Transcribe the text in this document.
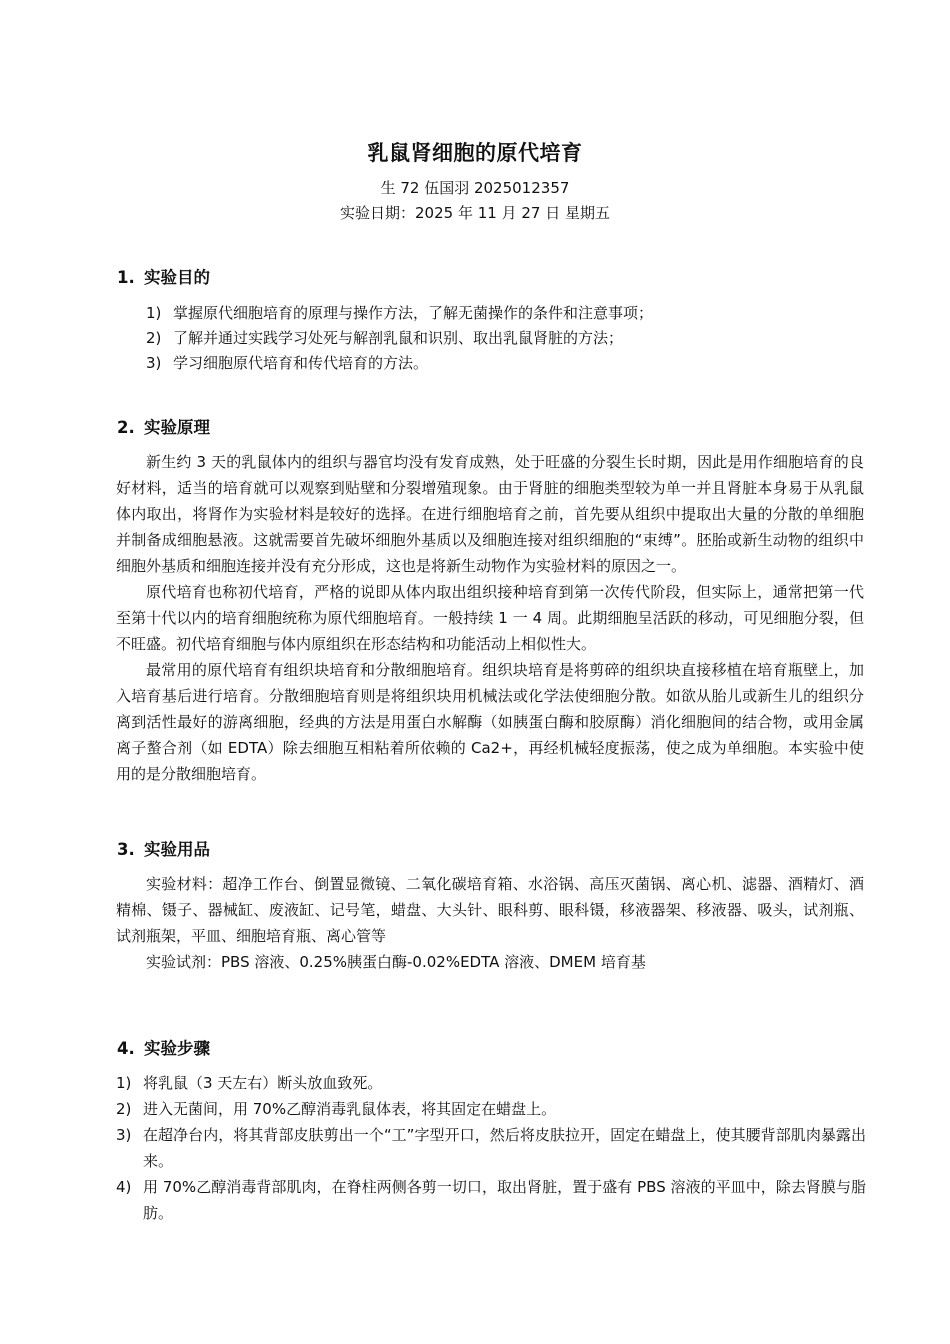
乳鼠肾细胞的原代培育
生 72 伍国羽 2025012357
实验日期：2025 年 11 月 27 日 星期五
1. 实验目的
1) 掌握原代细胞培育的原理与操作方法，了解无菌操作的条件和注意事项；
2) 了解并通过实践学习处死与解剖乳鼠和识别、取出乳鼠肾脏的方法；
3) 学习细胞原代培育和传代培育的方法。
2. 实验原理

新生约 3 天的乳鼠体内的组织与器官均没有发育成熟，处于旺盛的分裂生长时期，因此是用作细胞培育的良好材料，适当的培育就可以观察到贴壁和分裂增殖现象。由于肾脏的细胞类型较为单一并且肾脏本身易于从乳鼠体内取出，将肾作为实验材料是较好的选择。在进行细胞培育之前，首先要从组织中提取出大量的分散的单细胞并制备成细胞悬液。这就需要首先破坏细胞外基质以及细胞连接对组织细胞的“束缚”。胚胎或新生动物的组织中细胞外基质和细胞连接并没有充分形成，这也是将新生动物作为实验材料的原因之一。

原代培育也称初代培育，严格的说即从体内取出组织接种培育到第一次传代阶段，但实际上，通常把第一代至第十代以内的培育细胞统称为原代细胞培育。一般持续 1 一 4 周。此期细胞呈活跃的移动，可见细胞分裂，但不旺盛。初代培育细胞与体内原组织在形态结构和功能活动上相似性大。

最常用的原代培育有组织块培育和分散细胞培育。组织块培育是将剪碎的组织块直接移植在培育瓶壁上，加入培育基后进行培育。分散细胞培育则是将组织块用机械法或化学法使细胞分散。如欲从胎儿或新生儿的组织分离到活性最好的游离细胞，经典的方法是用蛋白水解酶（如胰蛋白酶和胶原酶）消化细胞间的结合物，或用金属离子螯合剂（如 EDTA）除去细胞互相粘着所依赖的 Ca2+，再经机械轻度振荡，使之成为单细胞。本实验中使用的是分散细胞培育。

3. 实验用品

实验材料：超净工作台、倒置显微镜、二氧化碳培育箱、水浴锅、高压灭菌锅、离心机、滤器、酒精灯、酒精棉、镊子、器械缸、废液缸、记号笔，蜡盘、大头针、眼科剪、眼科镊，移液器架、移液器、吸头，试剂瓶、试剂瓶架，平皿、细胞培育瓶、离心管等

实验试剂：PBS 溶液、0.25%胰蛋白酶-0.02%EDTA 溶液、DMEM 培育基

4. 实验步骤
1) 将乳鼠（3 天左右）断头放血致死。
2) 进入无菌间，用 70%乙醇消毒乳鼠体表，将其固定在蜡盘上。
3) 在超净台内，将其背部皮肤剪出一个“工”字型开口，然后将皮肤拉开，固定在蜡盘上，使其腰背部肌肉暴露出来。
4) 用 70%乙醇消毒背部肌肉，在脊柱两侧各剪一切口，取出肾脏，置于盛有 PBS 溶液的平皿中，除去肾膜与脂肪。
